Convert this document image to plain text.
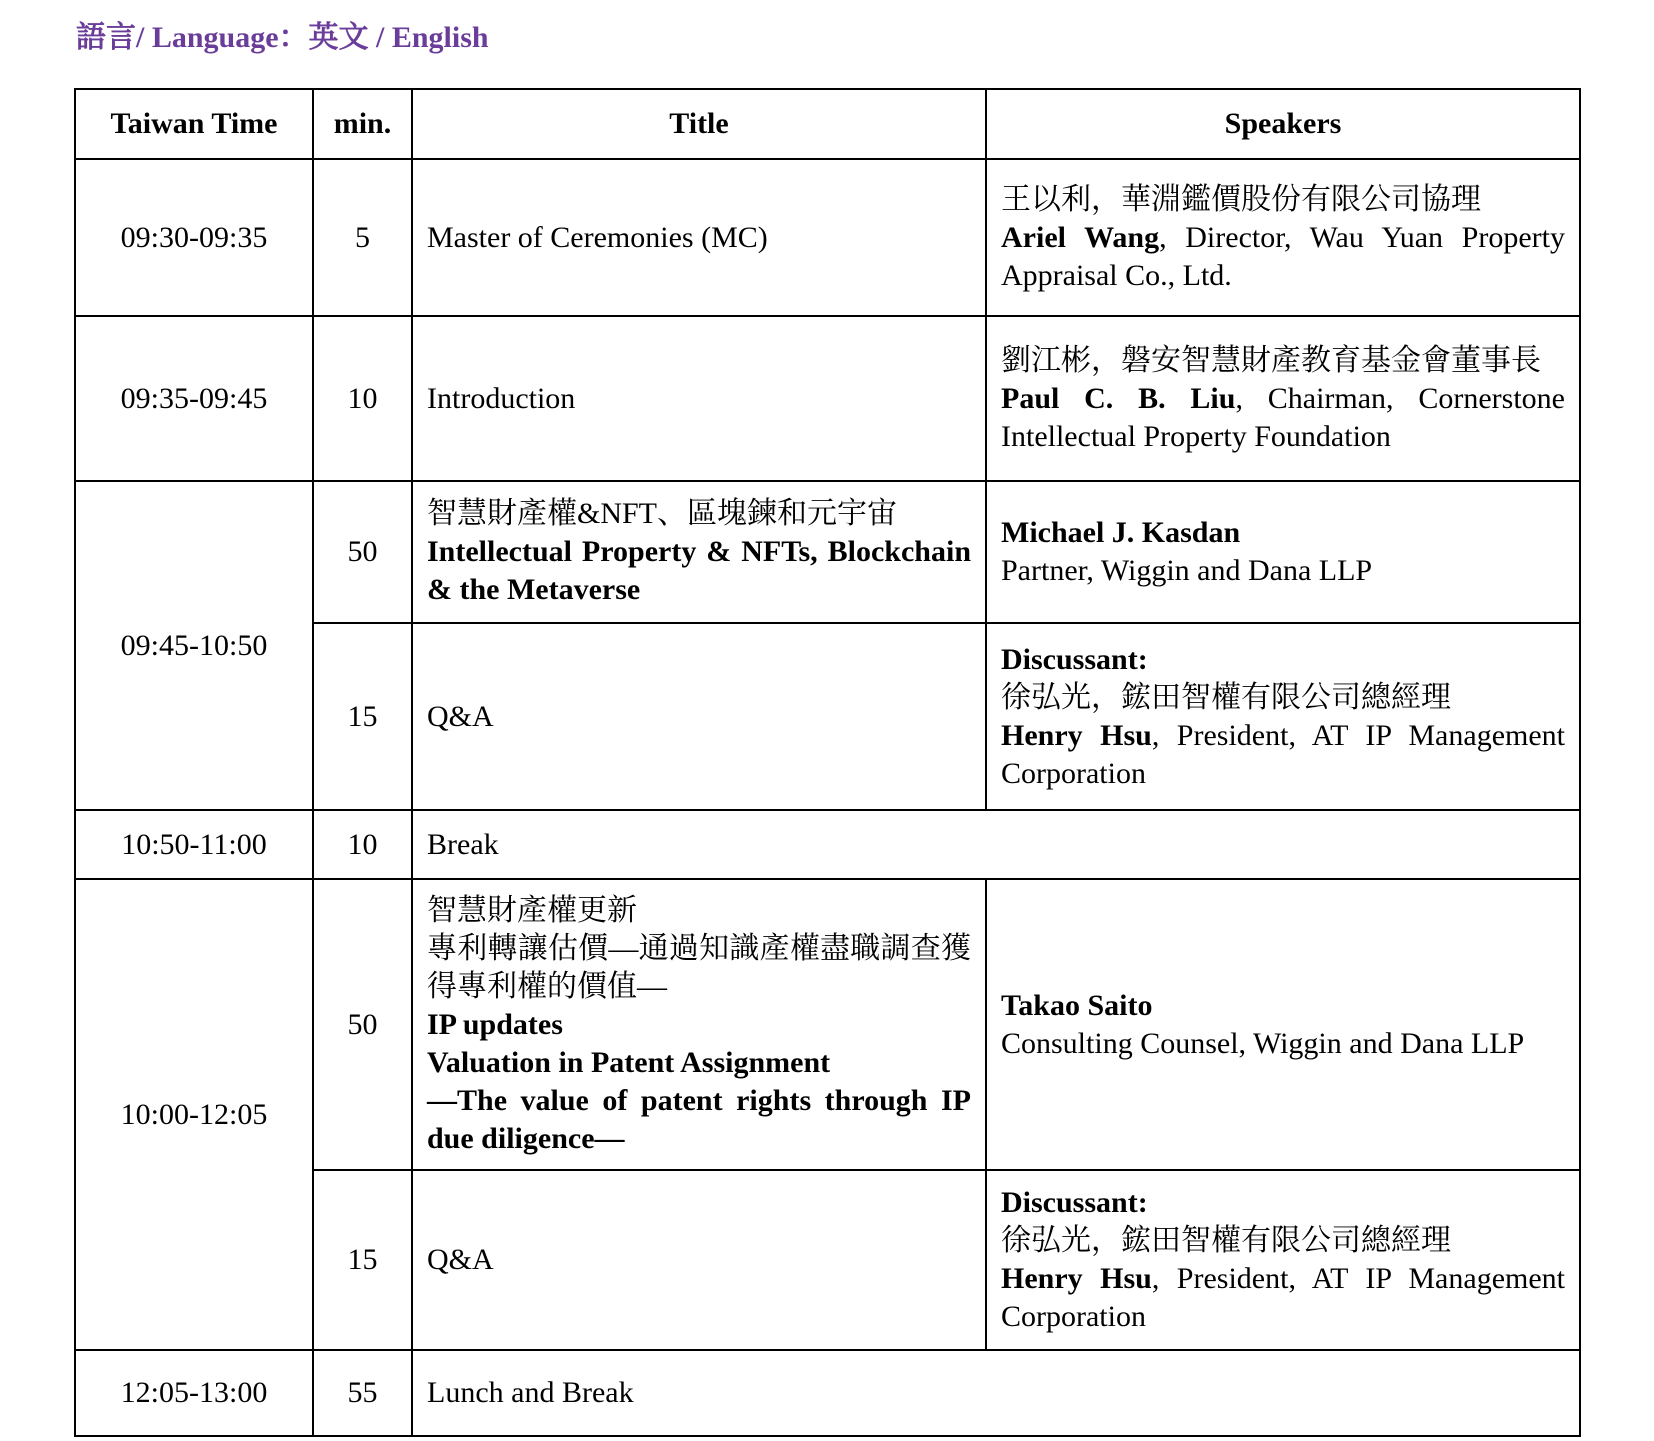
語言/ Language：英文 / English
Taiwan Time	min.	Title	Speakers
09:30-09:35	5	Master of Ceremonies (MC)	王以利，華淵鑑價股份有限公司協理
Ariel Wang, Director, Wau Yuan Property Appraisal Co., Ltd.
09:35-09:45	10	Introduction	劉江彬，磐安智慧財產教育基金會董事長
Paul C. B. Liu, Chairman, Cornerstone Intellectual Property Foundation
09:45-10:50	50	智慧財產權&NFT、區塊鍊和元宇宙
Intellectual Property & NFTs, Blockchain & the Metaverse	Michael J. Kasdan
Partner, Wiggin and Dana LLP

	15	Q&A	Discussant:
徐弘光，鋐田智權有限公司總經理
Henry Hsu, President, AT IP Management Corporation
10:50-11:00	10	Break	
10:00-12:05	50	智慧財產權更新
專利轉讓估價—通過知識產權盡職調查獲得專利權的價值—
IP updates
Valuation in Patent Assignment
—The value of patent rights through IP due diligence—	Takao Saito
Consulting Counsel, Wiggin and Dana LLP

	15	Q&A	Discussant:
徐弘光，鋐田智權有限公司總經理
Henry Hsu, President, AT IP Management Corporation
12:05-13:00	55	Lunch and Break	
